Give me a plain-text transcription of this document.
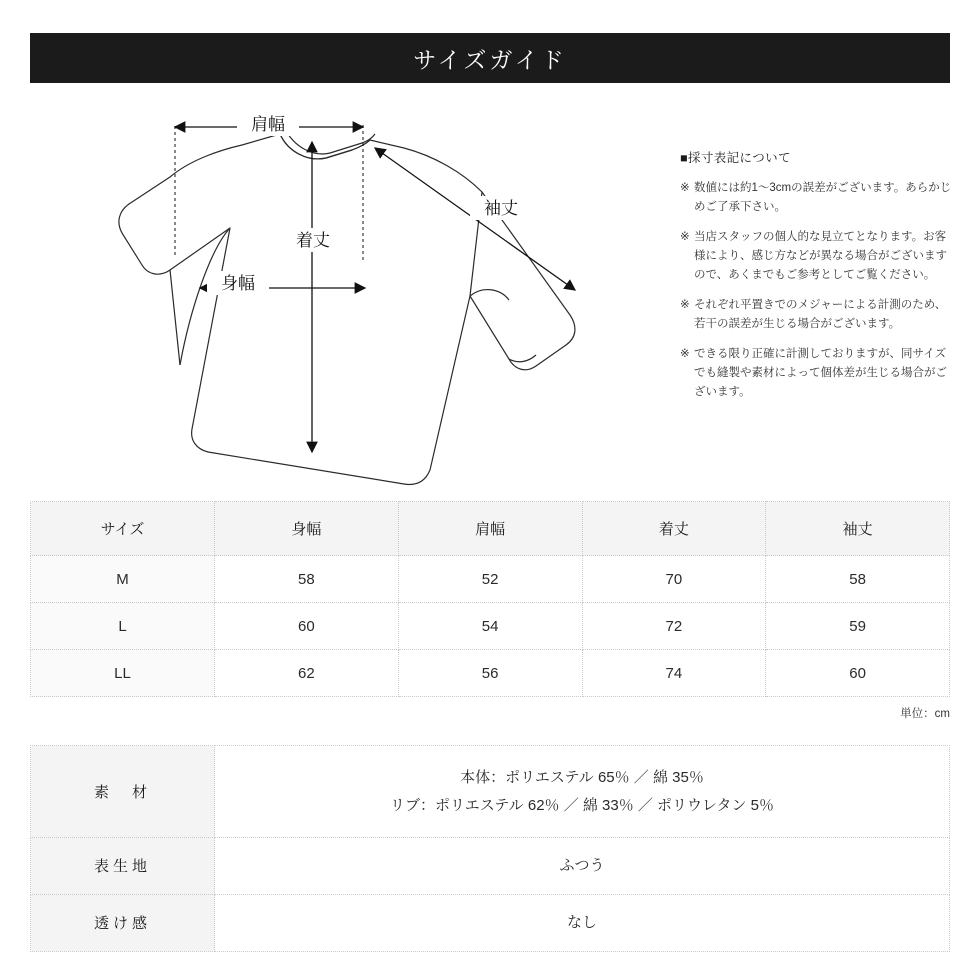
サイズガイド
肩幅
身幅
着丈
袖丈
■採寸表記について
※ 数値には約1〜3cmの誤差がございます。あらかじめご了承下さい。
※ 当店スタッフの個人的な見立てとなります。お客様により、感じ方などが異なる場合がございますので、あくまでもご参考としてご覧ください。
※ それぞれ平置きでのメジャーによる計測のため、若干の誤差が生じる場合がございます。
※ できる限り正確に計測しておりますが、同サイズでも縫製や素材によって個体差が生じる場合がございます。
サイズ	身幅	肩幅	着丈	袖丈
M	58	52	70	58
L	60	54	72	59
LL	62	56	74	60
単位：cm
素　材	本体：ポリエステル 65％ ／ 綿 35％
リブ：ポリエステル 62％ ／ 綿 33％ ／ ポリウレタン 5％

表生地	ふつう
透け感	なし
